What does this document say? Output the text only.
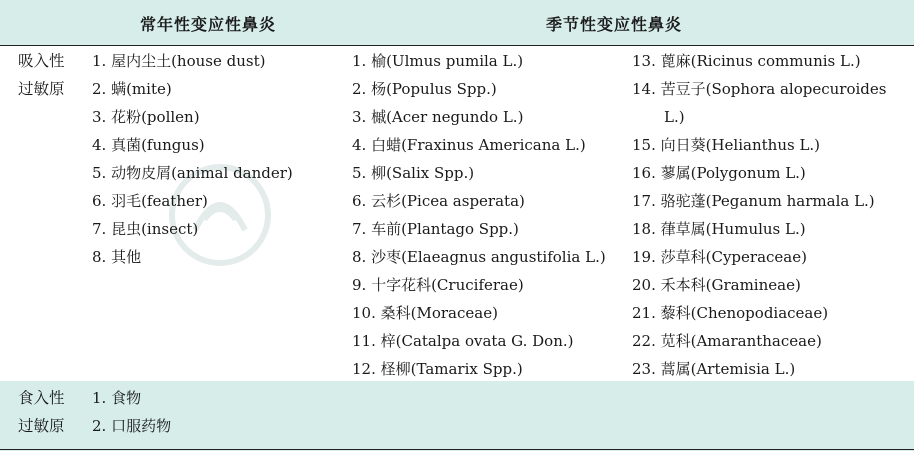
常年性变应性鼻炎	季节性变应性鼻炎
吸入性
过敏原
1. 屋内尘土(house dust)
2. 螨(mite)
3. 花粉(pollen)
4. 真菌(fungus)
5. 动物皮屑(animal dander)
6. 羽毛(feather)
7. 昆虫(insect)
8. 其他
1. 榆(Ulmus pumila L.)
2. 杨(Populus Spp.)
3. 槭(Acer negundo L.)
4. 白蜡(Fraxinus Americana L.)
5. 柳(Salix Spp.)
6. 云杉(Picea asperata)
7. 车前(Plantago Spp.)
8. 沙枣(Elaeagnus angustifolia L.)
9. 十字花科(Cruciferae)
10. 桑科(Moraceae)
11. 梓(Catalpa ovata G. Don.)
12. 柽柳(Tamarix Spp.)
13. 蓖麻(Ricinus communis L.)
14. 苦豆子(Sophora alopecuroides
L.)
15. 向日葵(Helianthus L.)
16. 蓼属(Polygonum L.)
17. 骆驼蓬(Peganum harmala L.)
18. 葎草属(Humulus L.)
19. 莎草科(Cyperaceae)
20. 禾本科(Gramineae)
21. 藜科(Chenopodiaceae)
22. 苋科(Amaranthaceae)
23. 蒿属(Artemisia L.)
食入性
过敏原
1. 食物
2. 口服药物
